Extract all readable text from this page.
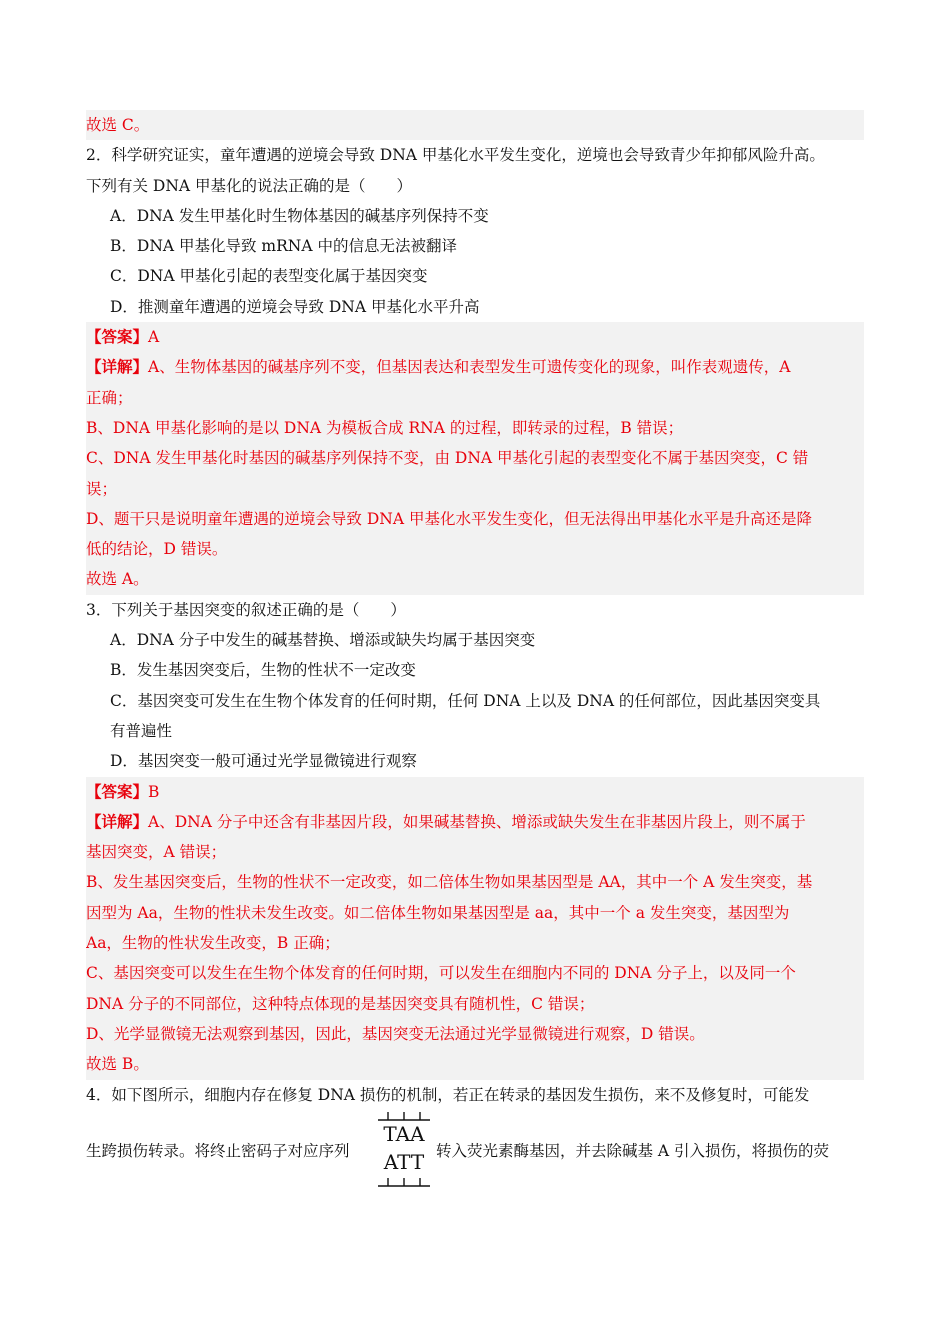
故选 C。
2．科学研究证实，童年遭遇的逆境会导致 DNA 甲基化水平发生变化，逆境也会导致青少年抑郁风险升高。
下列有关 DNA 甲基化的说法正确的是（　　）
A．DNA 发生甲基化时生物体基因的碱基序列保持不变
B．DNA 甲基化导致 mRNA 中的信息无法被翻译
C．DNA 甲基化引起的表型变化属于基因突变
D．推测童年遭遇的逆境会导致 DNA 甲基化水平升高
【答案】A
【详解】A、生物体基因的碱基序列不变，但基因表达和表型发生可遗传变化的现象，叫作表观遗传，A
正确；
B、DNA 甲基化影响的是以 DNA 为模板合成 RNA 的过程，即转录的过程，B 错误；
C、DNA 发生甲基化时基因的碱基序列保持不变，由 DNA 甲基化引起的表型变化不属于基因突变，C 错
误；
D、题干只是说明童年遭遇的逆境会导致 DNA 甲基化水平发生变化，但无法得出甲基化水平是升高还是降
低的结论，D 错误。
故选 A。
3．下列关于基因突变的叙述正确的是（　　）
A．DNA 分子中发生的碱基替换、增添或缺失均属于基因突变
B．发生基因突变后，生物的性状不一定改变
C．基因突变可发生在生物个体发育的任何时期，任何 DNA 上以及 DNA 的任何部位，因此基因突变具
有普遍性
D．基因突变一般可通过光学显微镜进行观察
【答案】B
【详解】A、DNA 分子中还含有非基因片段，如果碱基替换、增添或缺失发生在非基因片段上，则不属于
基因突变，A 错误；
B、发生基因突变后，生物的性状不一定改变，如二倍体生物如果基因型是 AA，其中一个 A 发生突变，基
因型为 Aa，生物的性状未发生改变。如二倍体生物如果基因型是 aa，其中一个 a 发生突变，基因型为
Aa，生物的性状发生改变，B 正确；
C、基因突变可以发生在生物个体发育的任何时期，可以发生在细胞内不同的 DNA 分子上，以及同一个
DNA 分子的不同部位，这种特点体现的是基因突变具有随机性，C 错误；
D、光学显微镜无法观察到基因，因此，基因突变无法通过光学显微镜进行观察，D 错误。
故选 B。
4．如下图所示，细胞内存在修复 DNA 损伤的机制，若正在转录的基因发生损伤，来不及修复时，可能发
生跨损伤转录。将终止密码子对应序列
TAA
ATT 转入荧光素酶基因，并去除碱基 A 引入损伤，将损伤的荧
